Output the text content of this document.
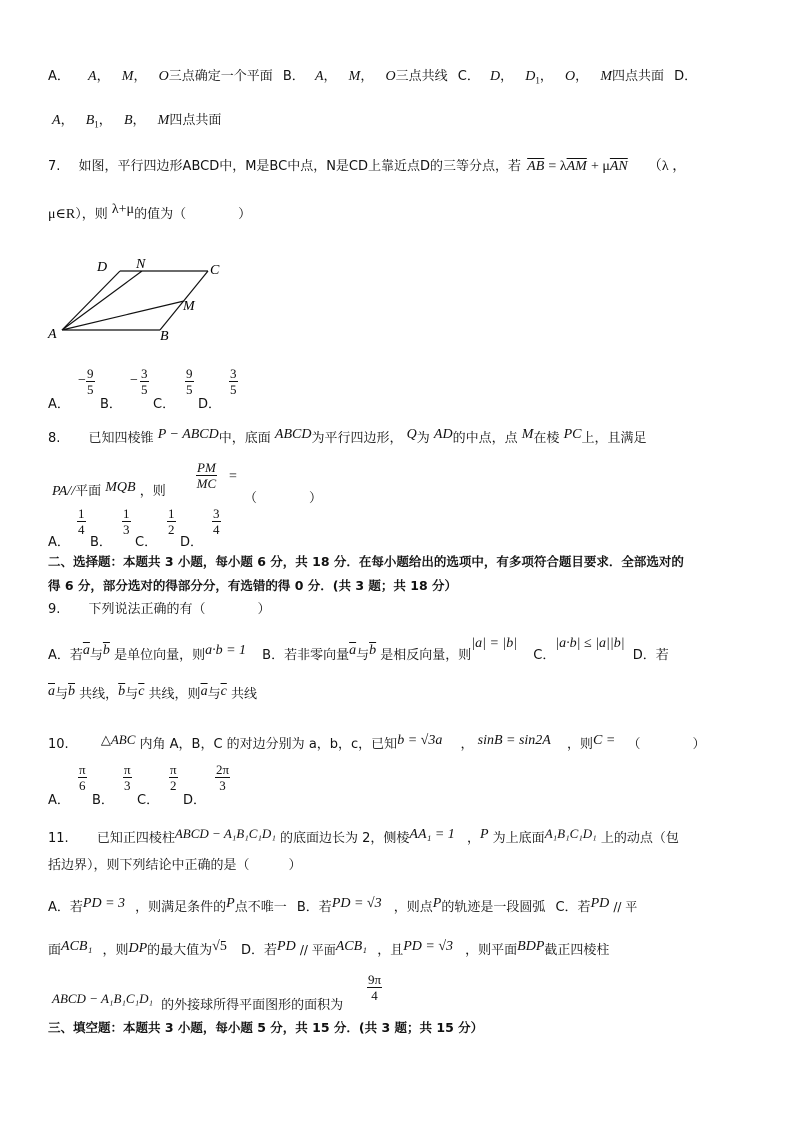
A． A， M， O三点确定一个平面 B． A， M， O三点共线 C． D， $D_1$， O， M四点共面 D．
A， $B_1$， B， M四点共面
7. 如图，平行四边形ABCD中，M是BC中点，N是CD上靠近点D的三等分点，若 $\overline{AB} = \lambda\overline{AM} + \mu\overline{AN}$ （λ ，
μ∈R），则 λ+μ的值为（　　　　）
A	B
C
D
M
N
A．
− $\frac{9}{5}$
B．
− $\frac{3}{5}$
C．
$\frac{9}{5}$
D．
$\frac{3}{5}$
8. 已知四棱锥 P − ABCD中，底面 ABCD为平行四边形， Q为 AD的中点，点 M在棱 PC上，且满足
PA//平面 MQB ，则
$\frac{PM}{MC}$ =
（　　　　）
A．
$\frac{1}{4}$
B．
$\frac{1}{3}$
C．
$\frac{1}{2}$
D．
$\frac{3}{4}$
二、选择题：本题共 3 小题，每小题 6 分，共 18 分．在每小题给出的选项中，有多项符合题目要求．全部选对的
得 6 分，部分选对的得部分分，有选错的得 0 分．(共 3 题；共 18 分）
9. 下列说法正确的有（　　　　）
A．若$\overline{a}$与$\overline{b}$ 是单位向量，则a·b = 1 B．若非零向量$\overline{a}$与$\overline{b}$ 是相反向量，则|a| = |b| C．|a·b| ≤ |a||b| D．若
$\overline{a}$与$\overline{b}$ 共线，$\overline{b}$与$\overline{c}$ 共线，则$\overline{a}$与$\overline{c}$ 共线
10. △ABC 内角 A，B，C 的对边分别为 a，b，c，已知b = √3a ， sinB = sin2A ，则C = （　　　　）
A．
$\frac{\pi}{6}$
B．
$\frac{\pi}{3}$
C．
$\frac{\pi}{2}$
D．
$\frac{2\pi}{3}$
11. 已知正四棱柱ABCD − A₁B₁C₁D₁ 的底面边长为 2，侧棱AA₁ = 1 ，P 为上底面A₁B₁C₁D₁ 上的动点（包
括边界），则下列结论中正确的是（　　　）
A．若PD = 3 ，则满足条件的P点不唯一 B．若PD = √3 ，则点P的轨迹是一段圆弧 C．若PD // 平
面ACB₁ ，则DP的最大值为√5 D．若PD // 平面ACB₁ ，且PD = √3 ，则平面BDP截正四棱柱
ABCD − A₁B₁C₁D₁ 的外接球所得平面图形的面积为
$\frac{9\pi}{4}$
三、填空题：本题共 3 小题，每小题 5 分，共 15 分．(共 3 题；共 15 分）
